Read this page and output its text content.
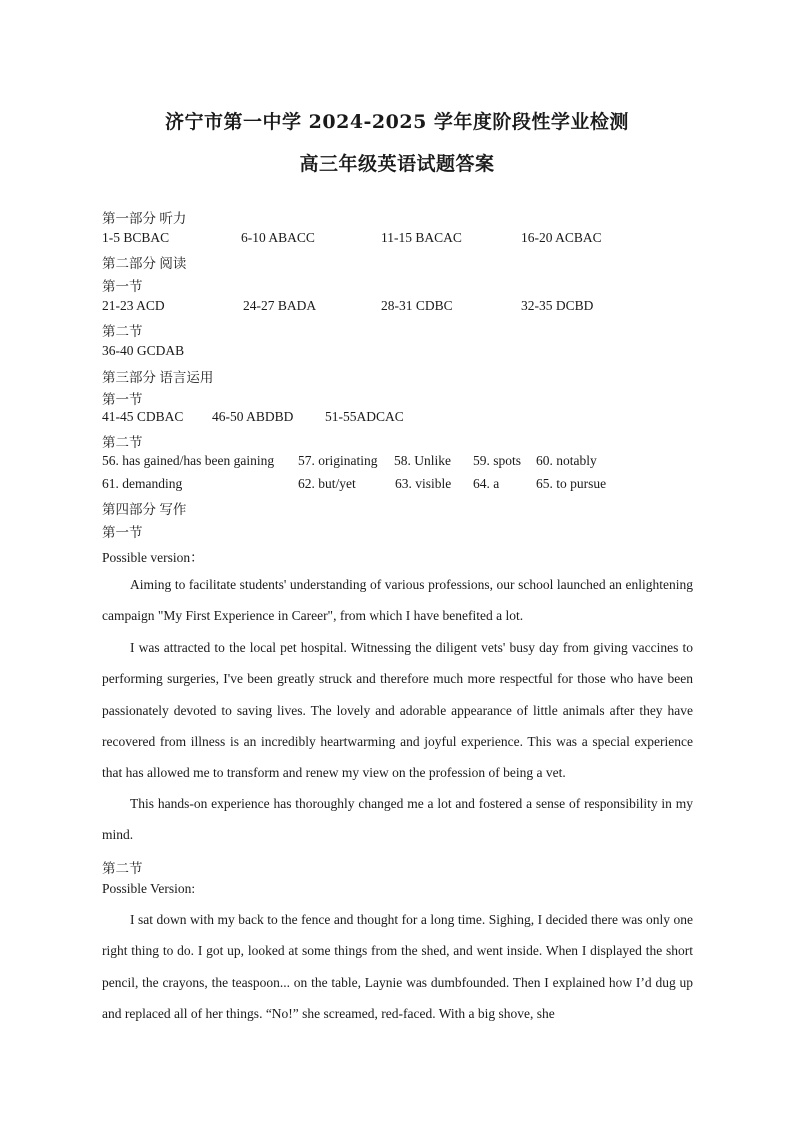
济宁市第一中学 2024-2025 学年度阶段性学业检测
高三年级英语试题答案
第一部分 听力
1-5 BCBAC	6-10 ABACC	11-15 BACAC	16-20 ACBAC
第二部分 阅读
第一节
21-23 ACD	24-27 BADA	28-31 CDBC	32-35 DCBD
第二节
36-40 GCDAB
第三部分 语言运用
第一节
41-45 CDBAC 46-50 ABDBD 51-55ADCAC
第二节
56. has gained/has been gaining 57. originating 58. Unlike 59. spots 60. notably
61. demanding	62. but/yet	63. visible 64. a	65. to pursue
第四部分 写作
第一节
Possible version：

Aiming to facilitate students' understanding of various professions, our school launched an enlightening campaign "My First Experience in Career", from which I have benefited a lot.

I was attracted to the local pet hospital. Witnessing the diligent vets' busy day from giving vaccines to performing surgeries, I've been greatly struck and therefore much more respectful for those who have been passionately devoted to saving lives. The lovely and adorable appearance of little animals after they have recovered from illness is an incredibly heartwarming and joyful experience. This was a special experience that has allowed me to transform and renew my view on the profession of being a vet.

This hands-on experience has thoroughly changed me a lot and fostered a sense of responsibility in my mind.

第二节
Possible Version:

I sat down with my back to the fence and thought for a long time. Sighing, I decided there was only one right thing to do. I got up, looked at some things from the shed, and went inside. When I displayed the short pencil, the crayons, the teaspoon... on the table, Laynie was dumbfounded. Then I explained how I’d dug up and replaced all of her things. “No!” she screamed, red-faced. With a big shove, she
